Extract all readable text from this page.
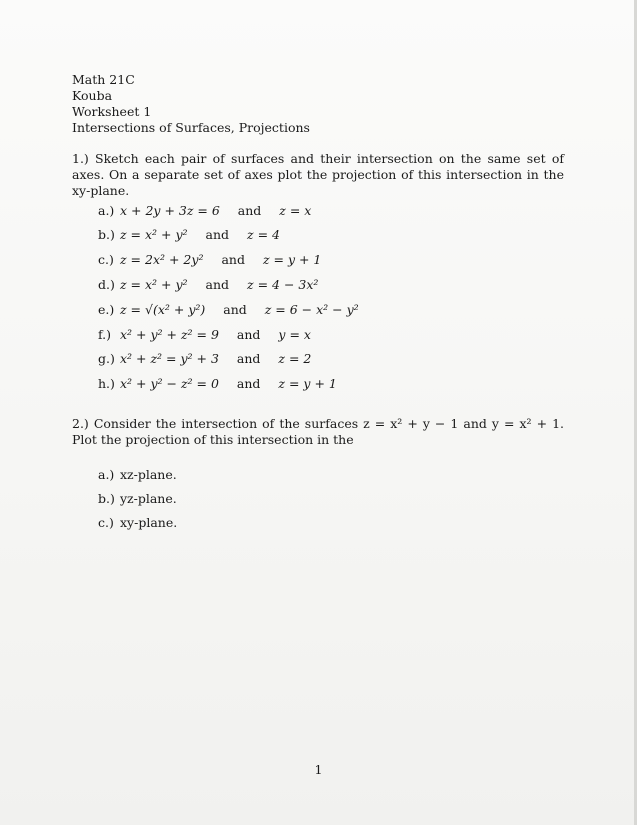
Math 21C
Kouba
Worksheet 1
Intersections of Surfaces, Projections
1.) Sketch each pair of surfaces and their intersection on the same set of axes. On a separate set of axes plot the projection of this intersection in the xy-plane.
a.) x + 2y + 3z = 6 and z = x
b.) z = x² + y² and z = 4
c.) z = 2x² + 2y² and z = y + 1
d.) z = x² + y² and z = 4 − 3x²
e.) z = √(x² + y²) and z = 6 − x² − y²
f.) x² + y² + z² = 9 and y = x
g.) x² + z² = y² + 3 and z = 2
h.) x² + y² − z² = 0 and z = y + 1
2.) Consider the intersection of the surfaces z = x² + y − 1 and y = x² + 1. Plot the projection of this intersection in the
a.) xz-plane.
b.) yz-plane.
c.) xy-plane.
1
